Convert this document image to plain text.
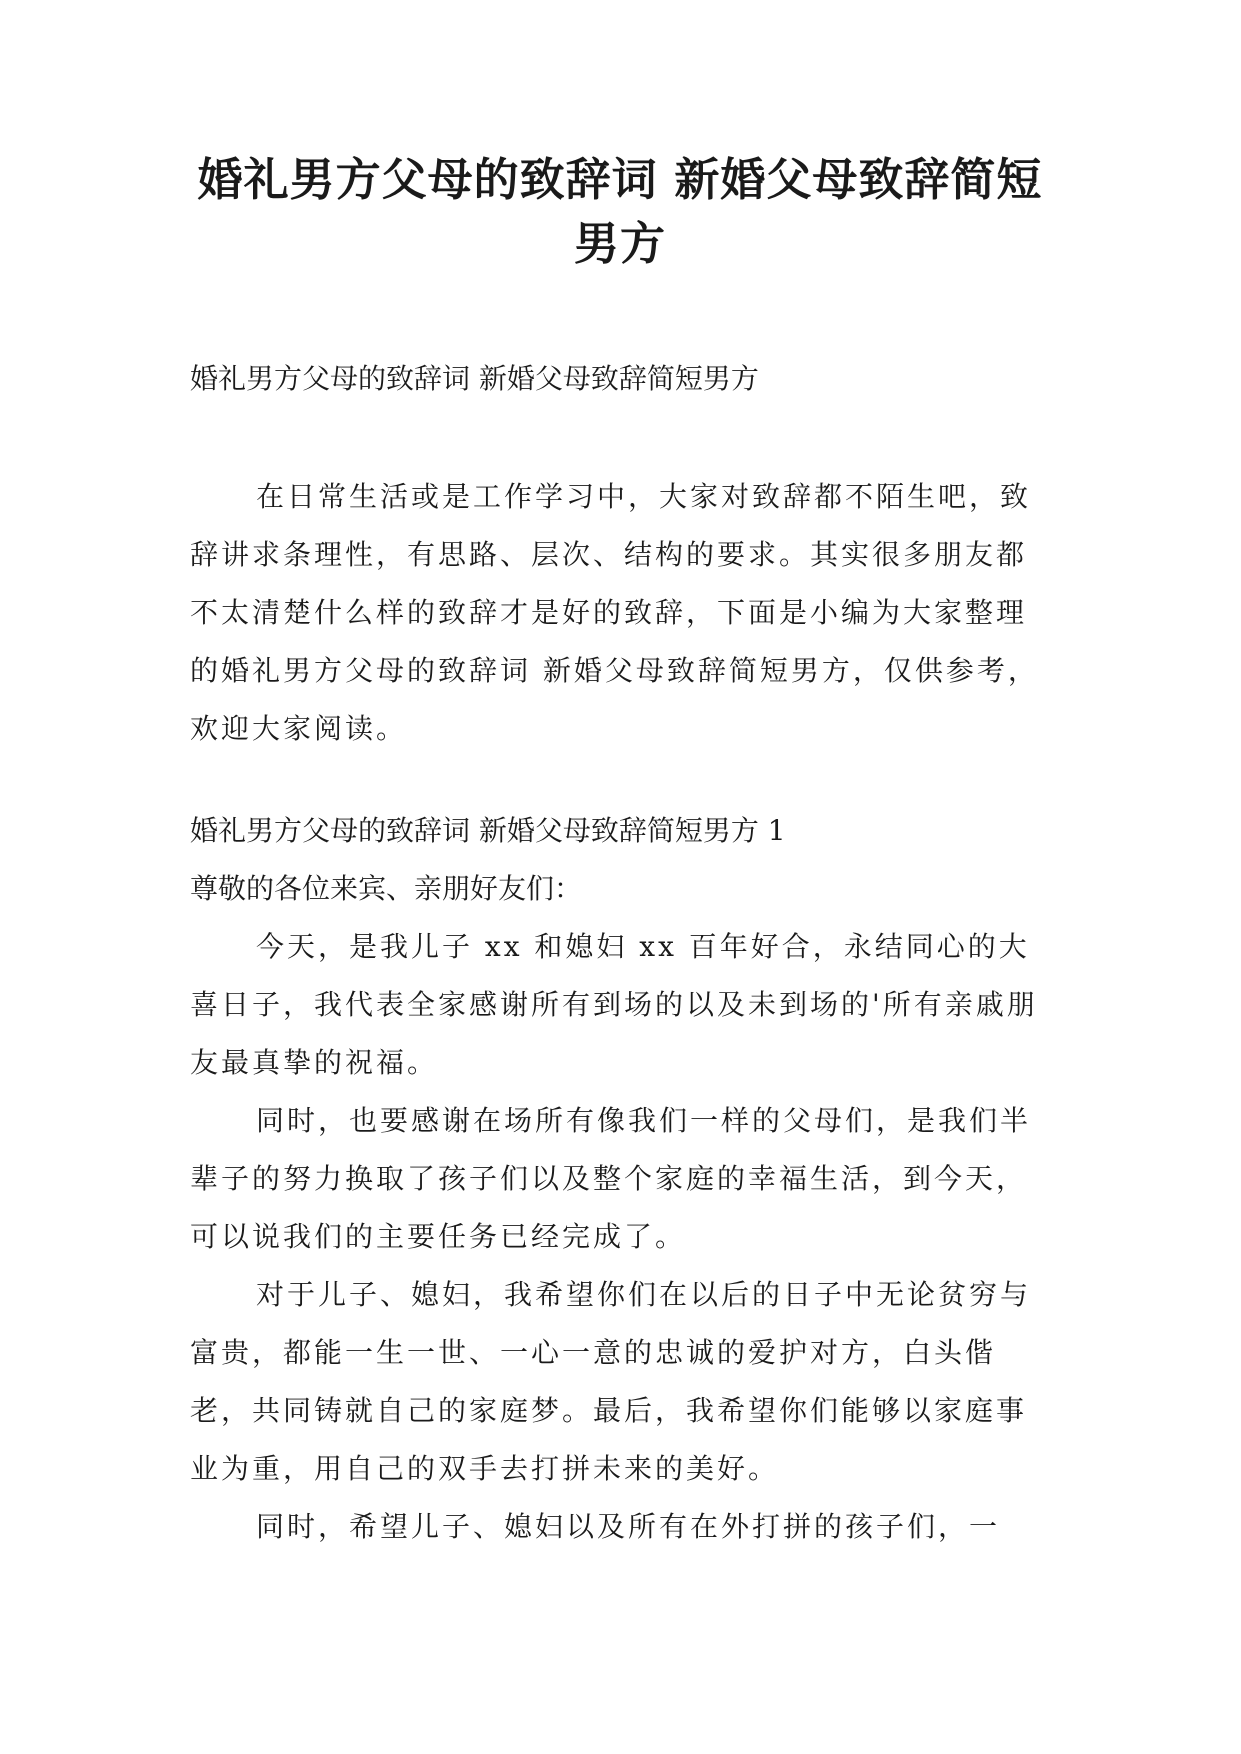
婚礼男方父母的致辞词 新婚父母致辞简短
男方

婚礼男方父母的致辞词 新婚父母致辞简短男方

在日常生活或是工作学习中，大家对致辞都不陌生吧，致辞讲求条理性，有思路、层次、结构的要求。其实很多朋友都不太清楚什么样的致辞才是好的致辞，下面是小编为大家整理的婚礼男方父母的致辞词 新婚父母致辞简短男方，仅供参考，欢迎大家阅读。

婚礼男方父母的致辞词 新婚父母致辞简短男方 1

尊敬的各位来宾、亲朋好友们：

今天，是我儿子 xx 和媳妇 xx 百年好合，永结同心的大喜日子，我代表全家感谢所有到场的以及未到场的'所有亲戚朋友最真挚的祝福。

同时，也要感谢在场所有像我们一样的父母们，是我们半辈子的努力换取了孩子们以及整个家庭的幸福生活，到今天，可以说我们的主要任务已经完成了。

对于儿子、媳妇，我希望你们在以后的日子中无论贫穷与富贵，都能一生一世、一心一意的忠诚的爱护对方，白头偕老，共同铸就自己的家庭梦。最后，我希望你们能够以家庭事业为重，用自己的双手去打拼未来的美好。

同时，希望儿子、媳妇以及所有在外打拼的孩子们，一
